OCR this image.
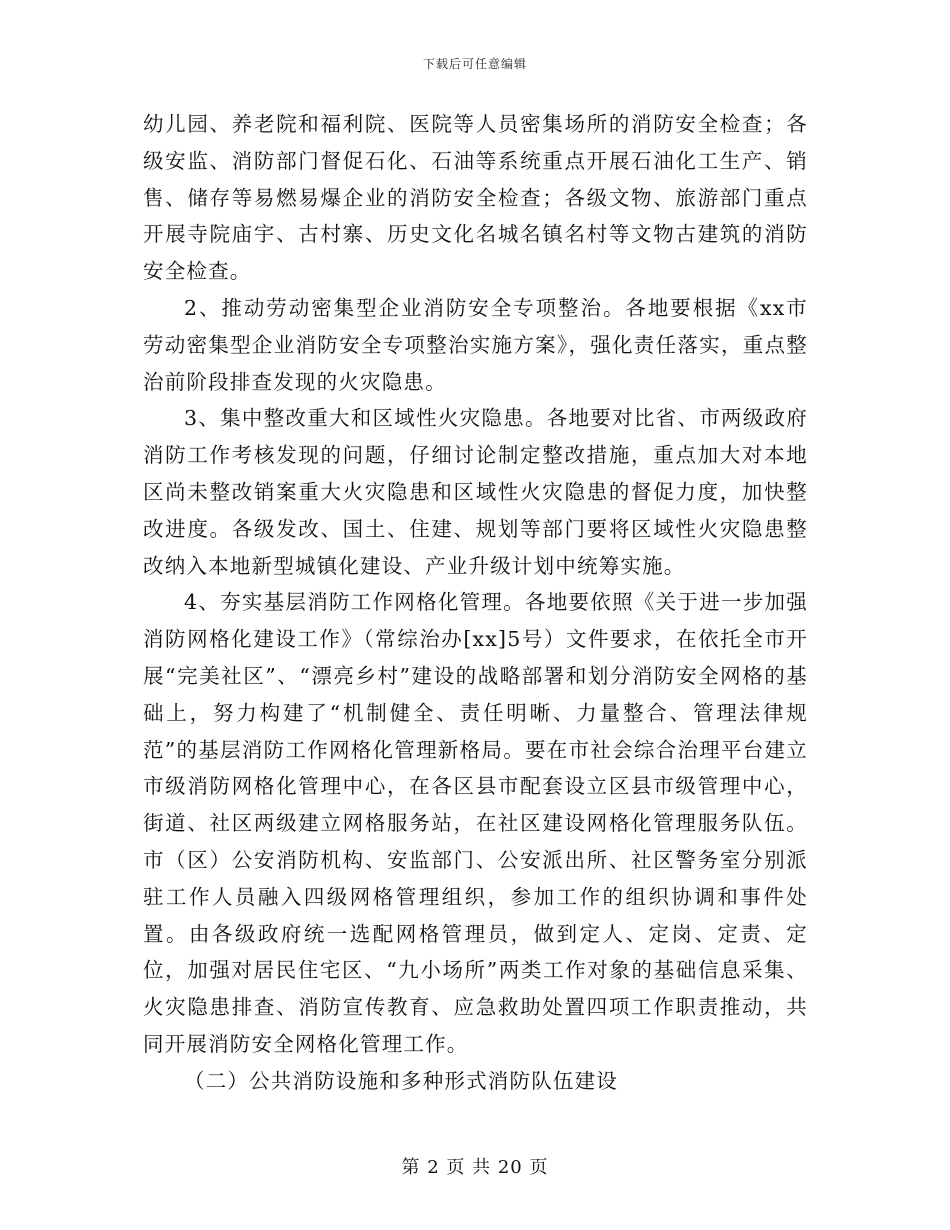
下载后可任意编辑

幼儿园、养老院和福利院、医院等人员密集场所的消防安全检查；各级安监、消防部门督促石化、石油等系统重点开展石油化工生产、销售、储存等易燃易爆企业的消防安全检查；各级文物、旅游部门重点开展寺院庙宇、古村寨、历史文化名城名镇名村等文物古建筑的消防安全检查。

2、推动劳动密集型企业消防安全专项整治。各地要根据《xx市劳动密集型企业消防安全专项整治实施方案》，强化责任落实，重点整治前阶段排查发现的火灾隐患。

3、集中整改重大和区域性火灾隐患。各地要对比省、市两级政府消防工作考核发现的问题，仔细讨论制定整改措施，重点加大对本地区尚未整改销案重大火灾隐患和区域性火灾隐患的督促力度，加快整改进度。各级发改、国土、住建、规划等部门要将区域性火灾隐患整改纳入本地新型城镇化建设、产业升级计划中统筹实施。

4、夯实基层消防工作网格化管理。各地要依照《关于进一步加强消防网格化建设工作》（常综治办[xx]5号）文件要求，在依托全市开展“完美社区”、“漂亮乡村”建设的战略部署和划分消防安全网格的基础上，努力构建了“机制健全、责任明晰、力量整合、管理法律规范”的基层消防工作网格化管理新格局。要在市社会综合治理平台建立市级消防网格化管理中心，在各区县市配套设立区县市级管理中心，街道、社区两级建立网格服务站，在社区建设网格化管理服务队伍。市（区）公安消防机构、安监部门、公安派出所、社区警务室分别派驻工作人员融入四级网格管理组织，参加工作的组织协调和事件处置。由各级政府统一选配网格管理员，做到定人、定岗、定责、定位，加强对居民住宅区、“九小场所”两类工作对象的基础信息采集、火灾隐患排查、消防宣传教育、应急救助处置四项工作职责推动，共同开展消防安全网格化管理工作。

（二）公共消防设施和多种形式消防队伍建设

第 2 页 共 20 页
